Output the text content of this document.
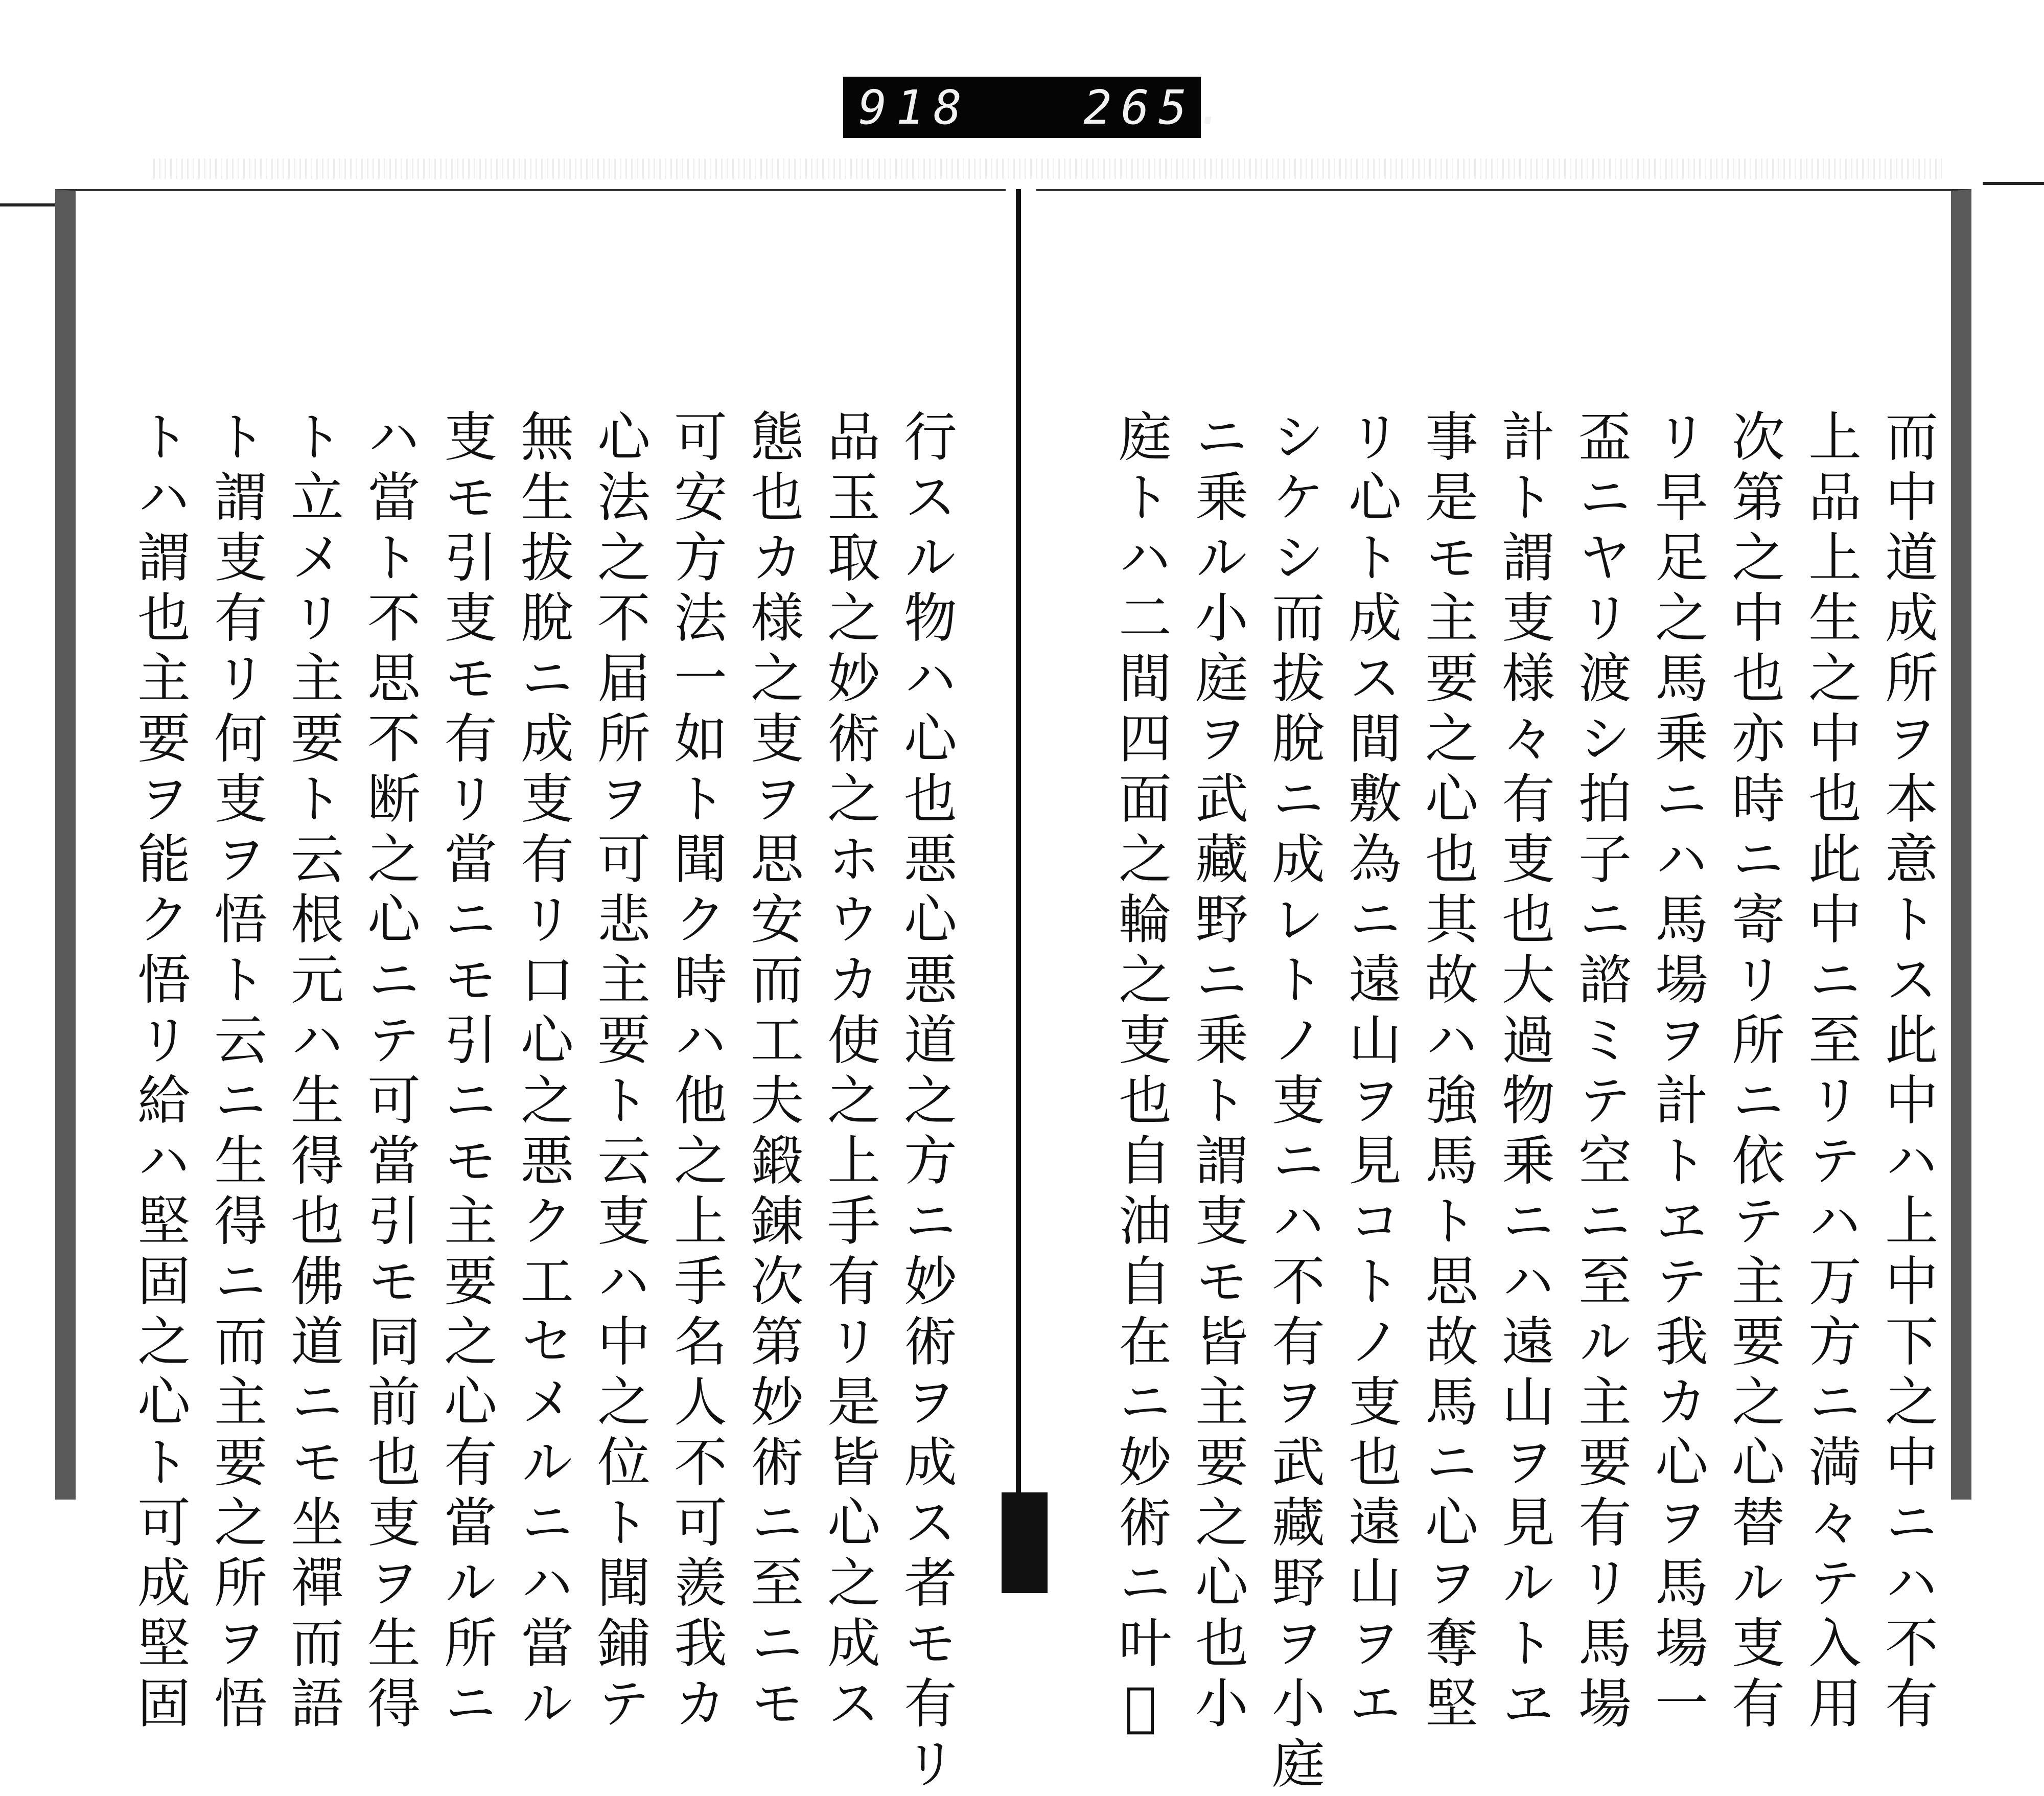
918
265.
而中道成所ヲ本意トス此中ハ上中下之中ニハ不有
上品上生之中也此中ニ至リテハ万方ニ満々テ入用
次第之中也亦時ニ寄リ所ニ依テ主要之心替ル叓有
リ早足之馬乗ニハ馬場ヲ計トヱテ我カ心ヲ馬場一
盃ニヤリ渡シ拍子ニ諮ミテ空ニ至ル主要有リ馬場
計ト謂叓様々有叓也大過物乗ニハ遠山ヲ見ルトヱ
事是モ主要之心也其故ハ強馬ト思故馬ニ心ヲ奪堅
リ心ト成ス間敷為ニ遠山ヲ見コトノ叓也遠山ヲエ
シケシ而拔脫ニ成レトノ叓ニハ不有ヲ武藏野ヲ小庭
ニ乗ル小庭ヲ武藏野ニ乗ト謂叓モ皆主要之心也小
庭トハ二間四面之輪之叓也自油自在ニ妙術ニ叶𠯁
行スル物ハ心也悪心悪道之方ニ妙術ヲ成ス者モ有リ
品玉取之妙術之ホウカ使之上手有リ是皆心之成ス
態也カ様之叓ヲ思安而工夫鍛錬次第妙術ニ至ニモ
可安方法一如ト聞ク時ハ他之上手名人不可羨我カ
心法之不届所ヲ可悲主要ト云叓ハ中之位ト聞鋪テ
無生拔脫ニ成叓有リ口心之悪ク工セメルニハ當ル
叓モ引叓モ有リ當ニモ引ニモ主要之心有當ル所ニ
ハ當ト不思不断之心ニテ可當引モ同前也叓ヲ生得
ト立メリ主要ト云根元ハ生得也佛道ニモ坐禪而語
ト謂叓有リ何叓ヲ悟ト云ニ生得ニ而主要之所ヲ悟
トハ謂也主要ヲ能ク悟リ給ハ堅固之心ト可成堅固
